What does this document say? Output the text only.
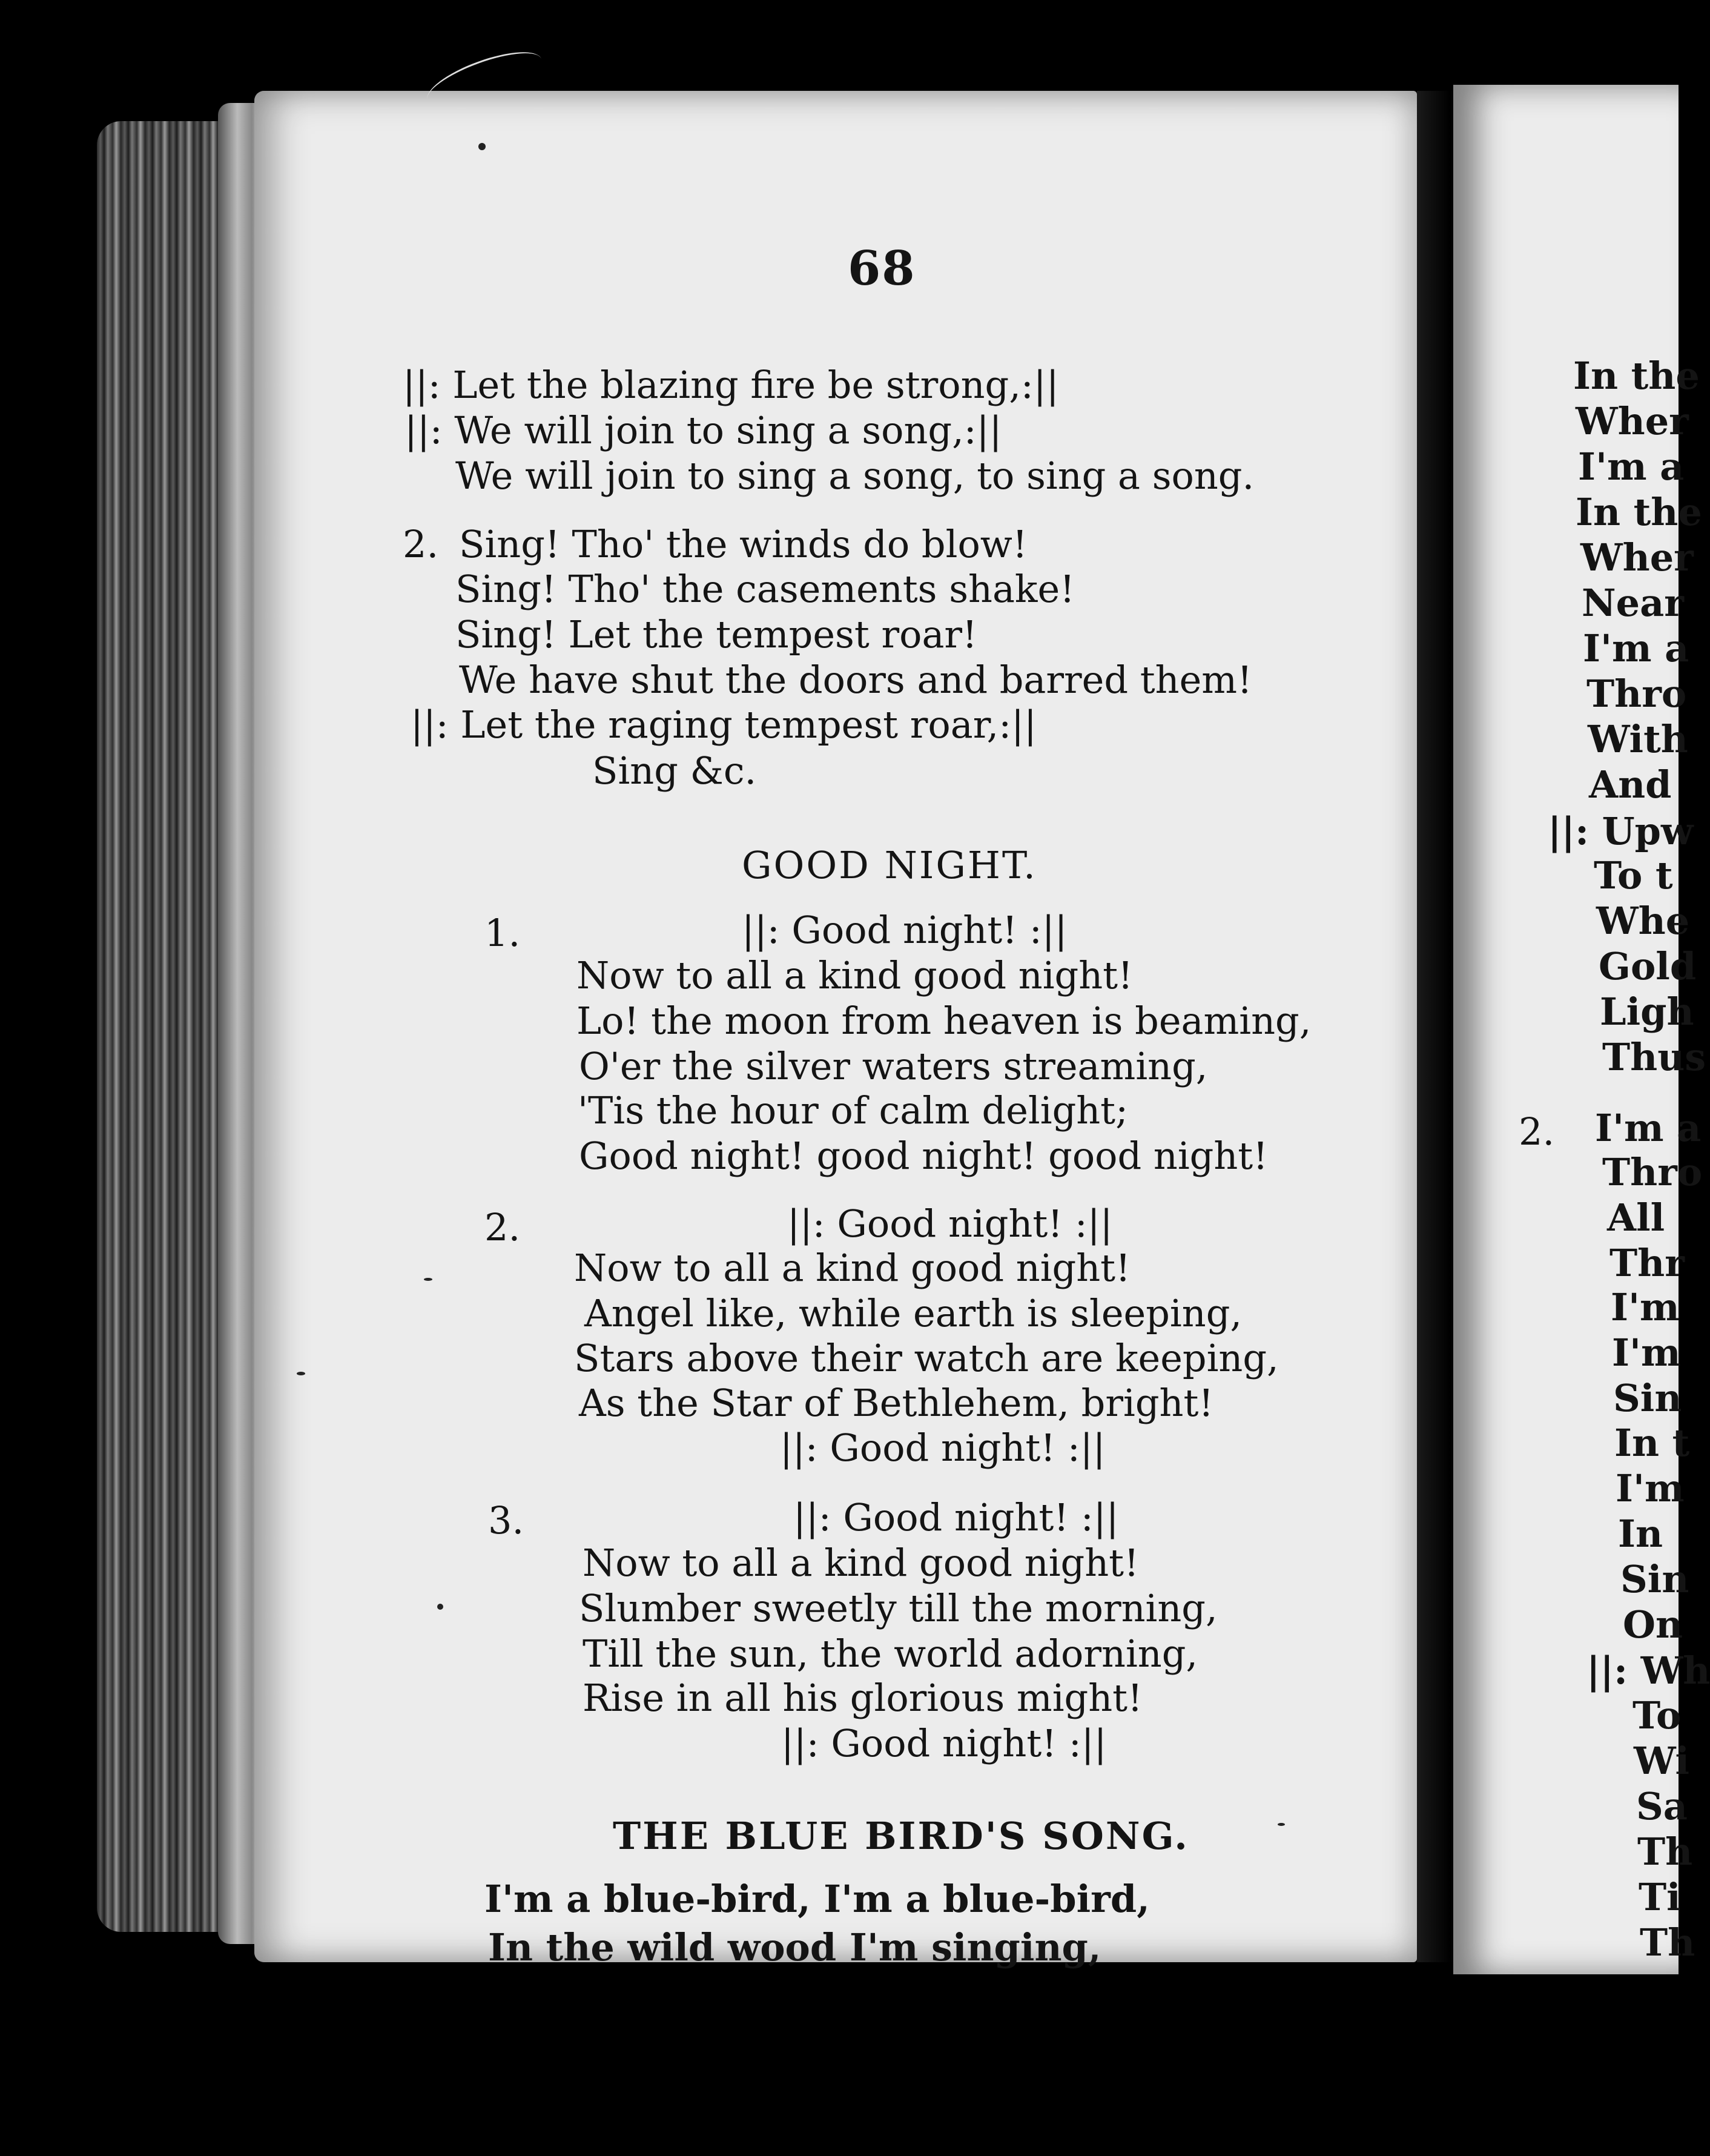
68
||: Let the blazing fire be strong,:||
||: We will join to sing a song,:||
We will join to sing a song, to sing a song.
2. Sing! Tho' the winds do blow!
Sing! Tho' the casements shake!
Sing! Let the tempest roar!
We have shut the doors and barred them!
||: Let the raging tempest roar,:||
Sing &c.
GOOD NIGHT.
1.	||: Good night! :||
Now to all a kind good night!
Lo! the moon from heaven is beaming,
O'er the silver waters streaming,
'Tis the hour of calm delight;
Good night! good night! good night!
2.	||: Good night! :||
Now to all a kind good night!
Angel like, while earth is sleeping,
Stars above their watch are keeping,
As the Star of Bethlehem, bright!
||: Good night! :||
3.	||: Good night! :||
Now to all a kind good night!
Slumber sweetly till the morning,
Till the sun, the world adorning,
Rise in all his glorious might!
||: Good night! :||
THE BLUE BIRD'S SONG.
I'm a blue-bird, I'm a blue-bird,
In the wild wood I'm singing,
In the
Wher
I'm a
In the
Wher
Near
I'm a
Thro
With
And
||: Upw
To t
Whe
Gold
Ligh
Thus
2. I'm a
Thro
All
Thr
I'm
I'm
Sin
In t
I'm
In
Sin
On
||: Wh
To
Wi
Sa
Th
Ti
Th
